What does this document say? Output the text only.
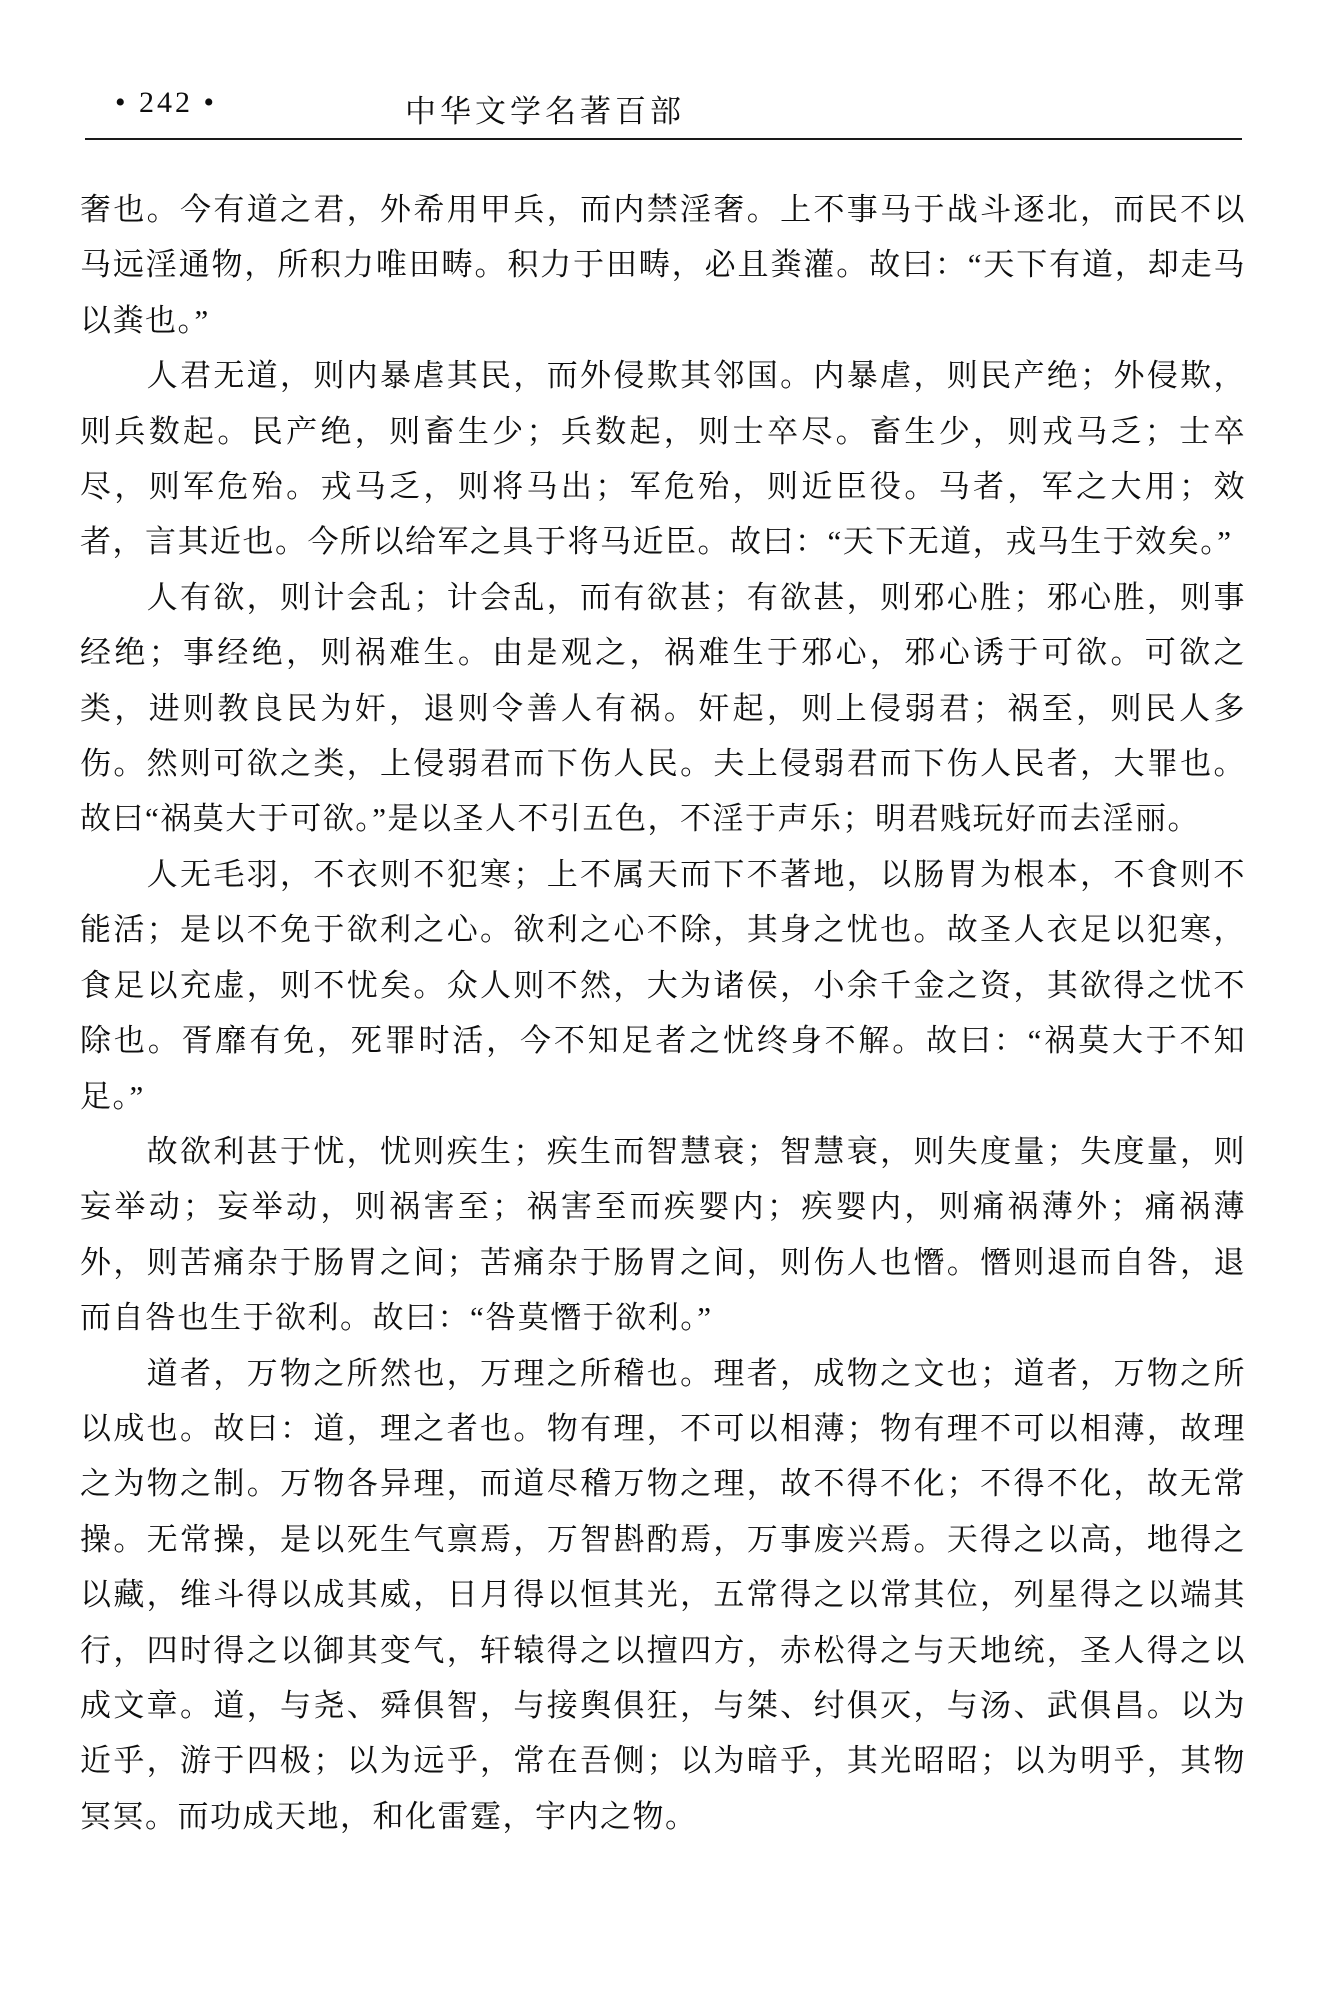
• 242 •	中华文学名著百部

奢也。今有道之君，外希用甲兵，而内禁淫奢。上不事马于战斗逐北，而民不以马远淫通物，所积力唯田畴。积力于田畴，必且粪灌。故曰：“天下有道，却走马以粪也。”

人君无道，则内暴虐其民，而外侵欺其邻国。内暴虐，则民产绝；外侵欺，则兵数起。民产绝，则畜生少；兵数起，则士卒尽。畜生少，则戎马乏；士卒尽，则军危殆。戎马乏，则将马出；军危殆，则近臣役。马者，军之大用；效者，言其近也。今所以给军之具于将马近臣。故曰：“天下无道，戎马生于效矣。”

人有欲，则计会乱；计会乱，而有欲甚；有欲甚，则邪心胜；邪心胜，则事经绝；事经绝，则祸难生。由是观之，祸难生于邪心，邪心诱于可欲。可欲之类，进则教良民为奸，退则令善人有祸。奸起，则上侵弱君；祸至，则民人多伤。然则可欲之类，上侵弱君而下伤人民。夫上侵弱君而下伤人民者，大罪也。故曰“祸莫大于可欲。”是以圣人不引五色，不淫于声乐；明君贱玩好而去淫丽。

人无毛羽，不衣则不犯寒；上不属天而下不著地，以肠胃为根本，不食则不能活；是以不免于欲利之心。欲利之心不除，其身之忧也。故圣人衣足以犯寒，食足以充虚，则不忧矣。众人则不然，大为诸侯，小余千金之资，其欲得之忧不除也。胥靡有免，死罪时活，今不知足者之忧终身不解。故曰：“祸莫大于不知足。”

故欲利甚于忧，忧则疾生；疾生而智慧衰；智慧衰，则失度量；失度量，则妄举动；妄举动，则祸害至；祸害至而疾婴内；疾婴内，则痛祸薄外；痛祸薄外，则苦痛杂于肠胃之间；苦痛杂于肠胃之间，则伤人也憯。憯则退而自咎，退而自咎也生于欲利。故曰：“咎莫憯于欲利。”

道者，万物之所然也，万理之所稽也。理者，成物之文也；道者，万物之所以成也。故曰：道，理之者也。物有理，不可以相薄；物有理不可以相薄，故理之为物之制。万物各异理，而道尽稽万物之理，故不得不化；不得不化，故无常操。无常操，是以死生气禀焉，万智斟酌焉，万事废兴焉。天得之以高，地得之以藏，维斗得以成其威，日月得以恒其光，五常得之以常其位，列星得之以端其行，四时得之以御其变气，轩辕得之以擅四方，赤松得之与天地统，圣人得之以成文章。道，与尧、舜俱智，与接舆俱狂，与桀、纣俱灭，与汤、武俱昌。以为近乎，游于四极；以为远乎，常在吾侧；以为暗乎，其光昭昭；以为明乎，其物冥冥。而功成天地，和化雷霆，宇内之物。
